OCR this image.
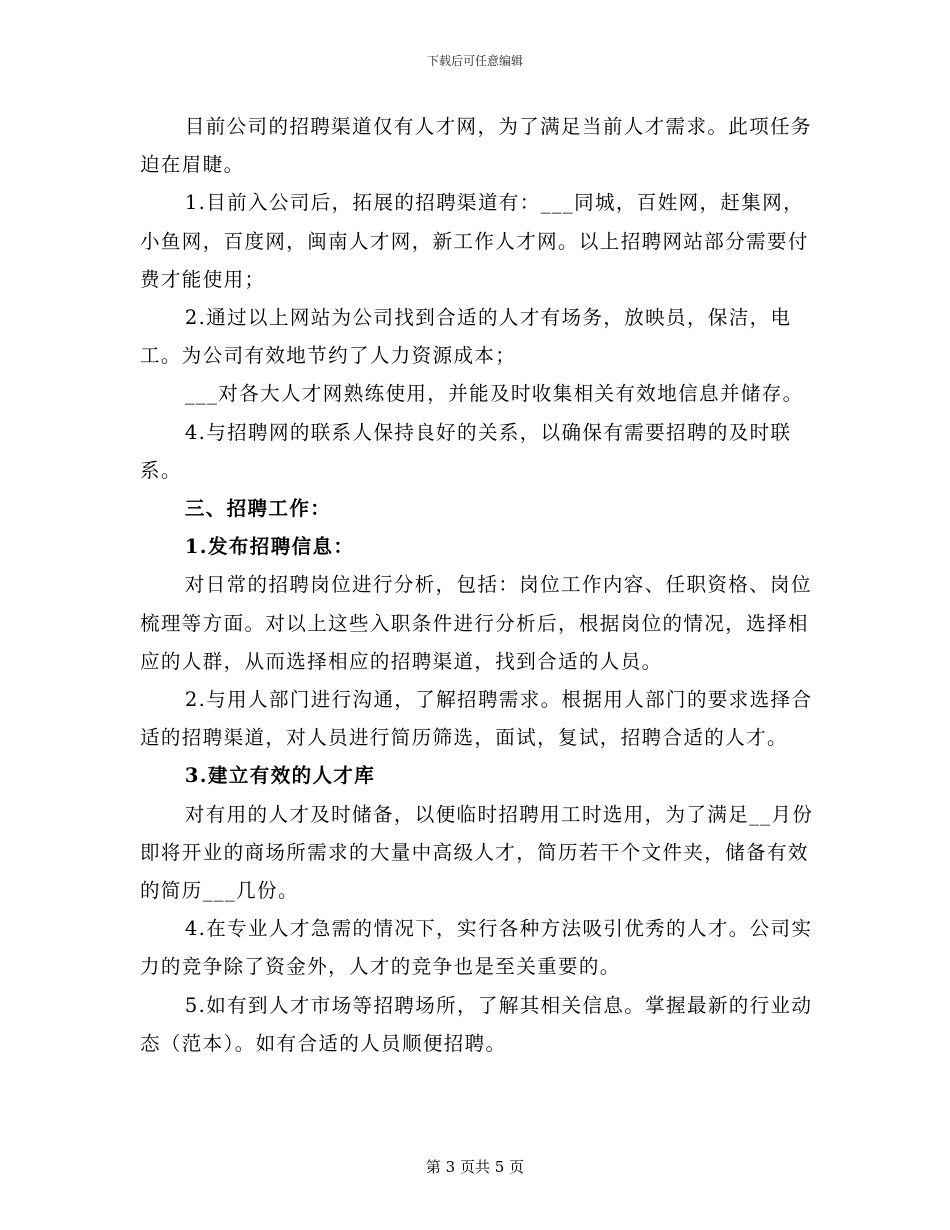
下载后可任意编辑

目前公司的招聘渠道仅有人才网，为了满足当前人才需求。此项任务迫在眉睫。

1.目前入公司后，拓展的招聘渠道有：___同城，百姓网，赶集网，小鱼网，百度网，闽南人才网，新工作人才网。以上招聘网站部分需要付费才能使用；

2.通过以上网站为公司找到合适的人才有场务，放映员，保洁，电工。为公司有效地节约了人力资源成本；

___对各大人才网熟练使用，并能及时收集相关有效地信息并储存。

4.与招聘网的联系人保持良好的关系，以确保有需要招聘的及时联系。

三、招聘工作：

1.发布招聘信息：

对日常的招聘岗位进行分析，包括：岗位工作内容、任职资格、岗位梳理等方面。对以上这些入职条件进行分析后，根据岗位的情况，选择相应的人群，从而选择相应的招聘渠道，找到合适的人员。

2.与用人部门进行沟通，了解招聘需求。根据用人部门的要求选择合适的招聘渠道，对人员进行简历筛选，面试，复试，招聘合适的人才。

3.建立有效的人才库

对有用的人才及时储备，以便临时招聘用工时选用，为了满足__月份即将开业的商场所需求的大量中高级人才，简历若干个文件夹，储备有效的简历___几份。

4.在专业人才急需的情况下，实行各种方法吸引优秀的人才。公司实力的竞争除了资金外，人才的竞争也是至关重要的。

5.如有到人才市场等招聘场所，了解其相关信息。掌握最新的行业动态（范本）。如有合适的人员顺便招聘。

第 3 页共 5 页
